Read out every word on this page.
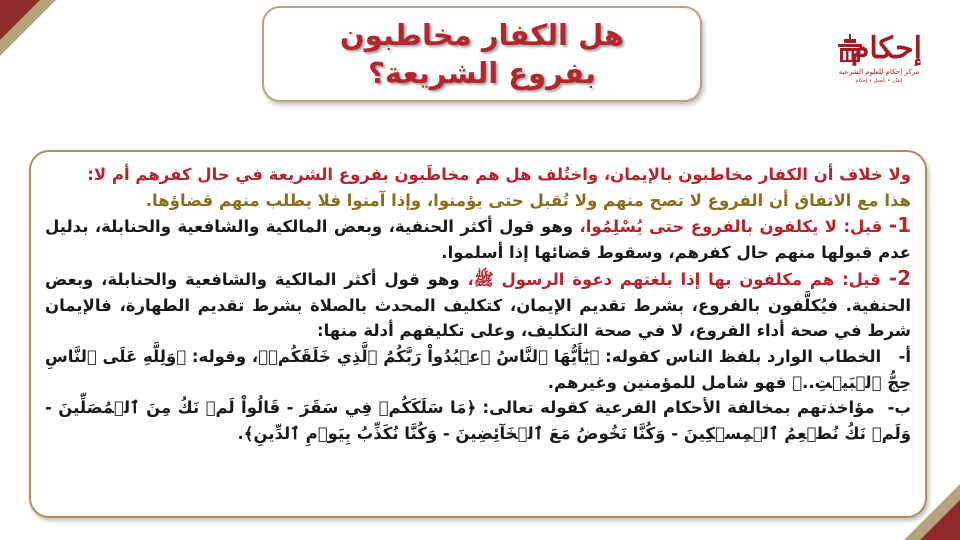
هل الكفار مخاطبون
بفروع الشريعة؟
إحكام
مركز إحكام للعلوم الشرعية
إتقان • تأصيل • إحكام

ولا خلاف أن الكفار مخاطبون بالإيمان، واختُلف هل هم مخاطَبون بفروع الشريعة في حال كفرهم أم لا:

هذا مع الاتفاق أن الفروع لا تصح منهم ولا تُقبل حتى يؤمنوا، وإذا آمنوا فلا يطلب منهم قضاؤها.

1- قيل: لا يكلفون بالفروع حتى يُسْلِمُوا، وهو قول أكثر الحنفية، وبعض المالكية والشافعية والحنابلة، بدليل عدم قبولها منهم حال كفرهم، وسقوط قضائها إذا أسلموا.

2- قيل: هم مكلفون بها إذا بلغتهم دعوة الرسول ﷺ، وهو قول أكثر المالكية والشافعية والحنابلة، وبعض الحنفية. فيُكلَّفون بالفروع، بشرط تقديم الإيمان، كتكليف المحدث بالصلاة بشرط تقديم الطهارة، فالإيمان شرط في صحة أداء الفروع، لا في صحة التكليف، وعلى تكليفهم أدلة منها:

أ-   الخطاب الوارد بلفظ الناس كقوله: ﴿يَٰٓأَيُّهَا ٱلنَّاسُ ٱعۡبُدُواْ رَبَّكُمُ ٱلَّذِي خَلَقَكُمۡ﴾، وقوله: ﴿وَلِلَّهِ عَلَى ٱلنَّاسِ حِجُّ ٱلۡبَيۡتِ..﴾ فهو شامل للمؤمنين وغيرهم.

ب-  مؤاخذتهم بمخالفة الأحكام الفرعية كقوله تعالى: ﴿مَا سَلَكَكُمۡ فِي سَقَرَ - قَالُواْ لَمۡ نَكُ مِنَ ٱلۡمُصَلِّينَ - وَلَمۡ نَكُ نُطۡعِمُ ٱلۡمِسۡكِينَ - وَكُنَّا نَخُوضُ مَعَ ٱلۡخَآئِضِينَ - وَكُنَّا نُكَذِّبُ بِيَوۡمِ ٱلدِّينِ﴾.
